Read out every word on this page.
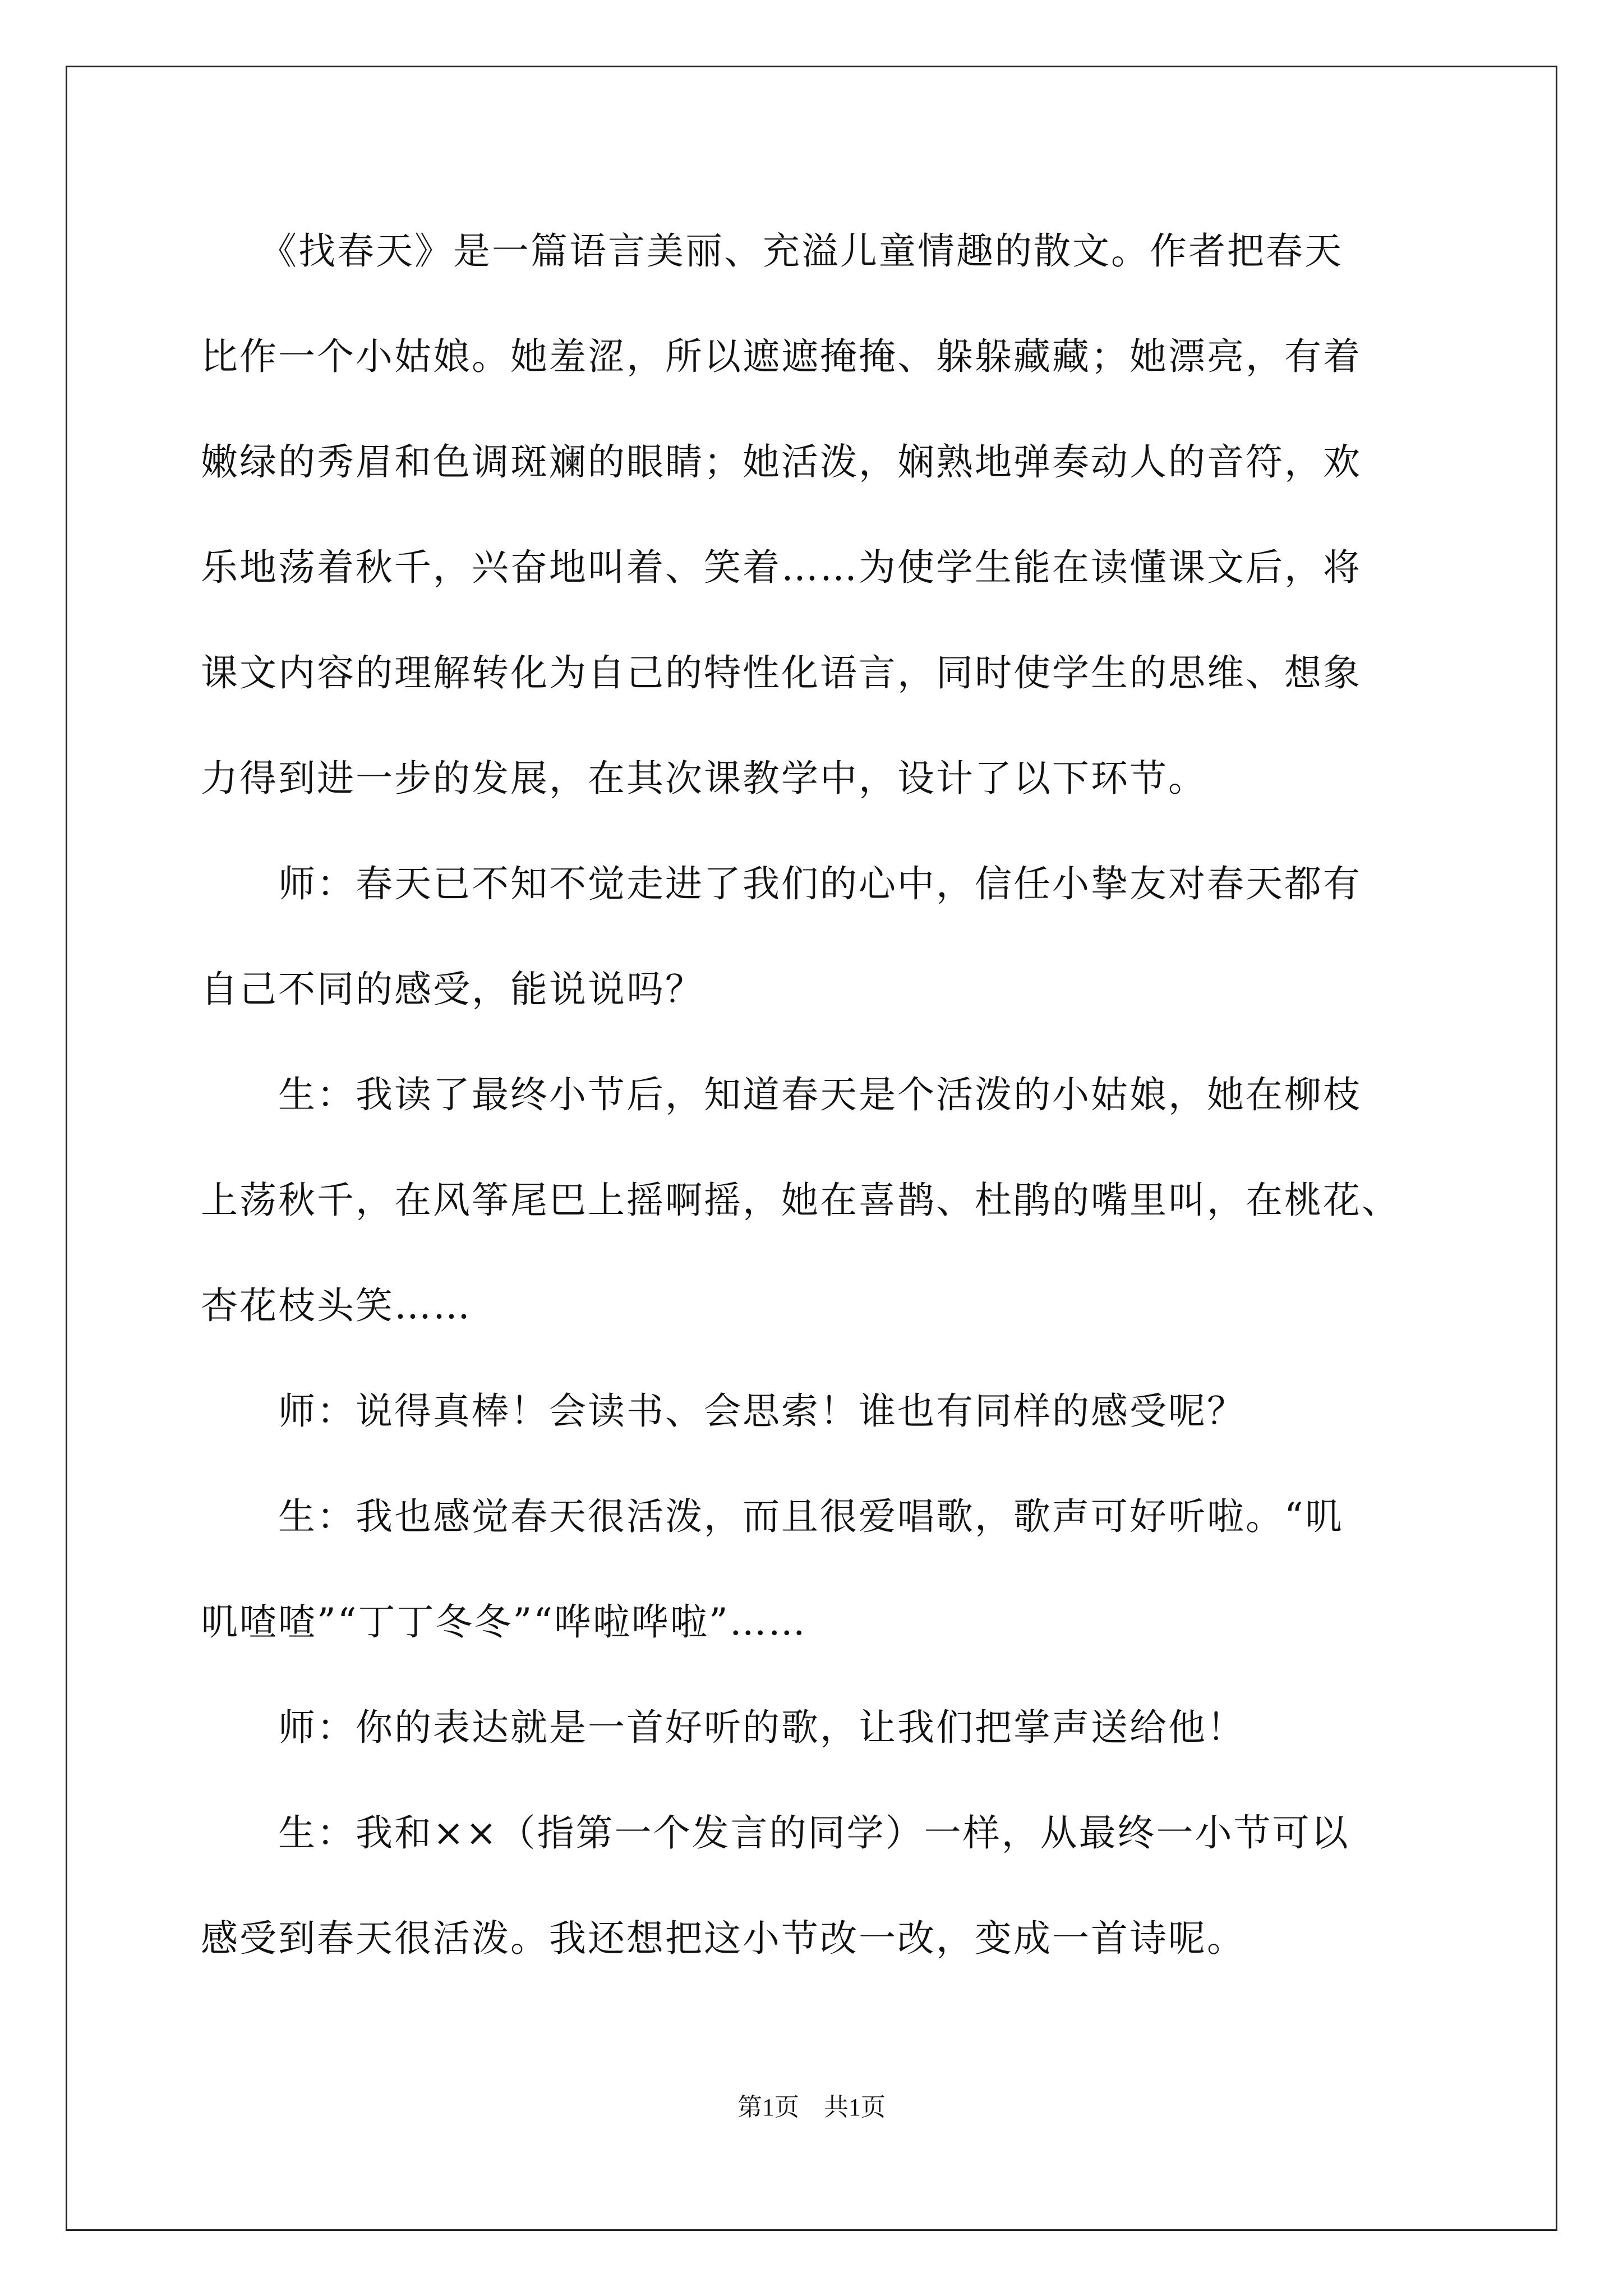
　　《找春天》是一篇语言美丽、充溢儿童情趣的散文。作者把春天
比作一个小姑娘。她羞涩，所以遮遮掩掩、躲躲藏藏；她漂亮，有着
嫩绿的秀眉和色调斑斓的眼睛；她活泼，娴熟地弹奏动人的音符，欢
乐地荡着秋千，兴奋地叫着、笑着……为使学生能在读懂课文后，将
课文内容的理解转化为自己的特性化语言，同时使学生的思维、想象
力得到进一步的发展，在其次课教学中，设计了以下环节。
　　师：春天已不知不觉走进了我们的心中，信任小挚友对春天都有
自己不同的感受，能说说吗？
　　生：我读了最终小节后，知道春天是个活泼的小姑娘，她在柳枝
上荡秋千，在风筝尾巴上摇啊摇，她在喜鹊、杜鹃的嘴里叫，在桃花、
杏花枝头笑……
　　师：说得真棒！会读书、会思索！谁也有同样的感受呢？
　　生：我也感觉春天很活泼，而且很爱唱歌，歌声可好听啦。“叽
叽喳喳”“丁丁冬冬”“哗啦哗啦”……
　　师：你的表达就是一首好听的歌，让我们把掌声送给他！
　　生：我和××（指第一个发言的同学）一样，从最终一小节可以
感受到春天很活泼。我还想把这小节改一改，变成一首诗呢。
第1页　共1页
